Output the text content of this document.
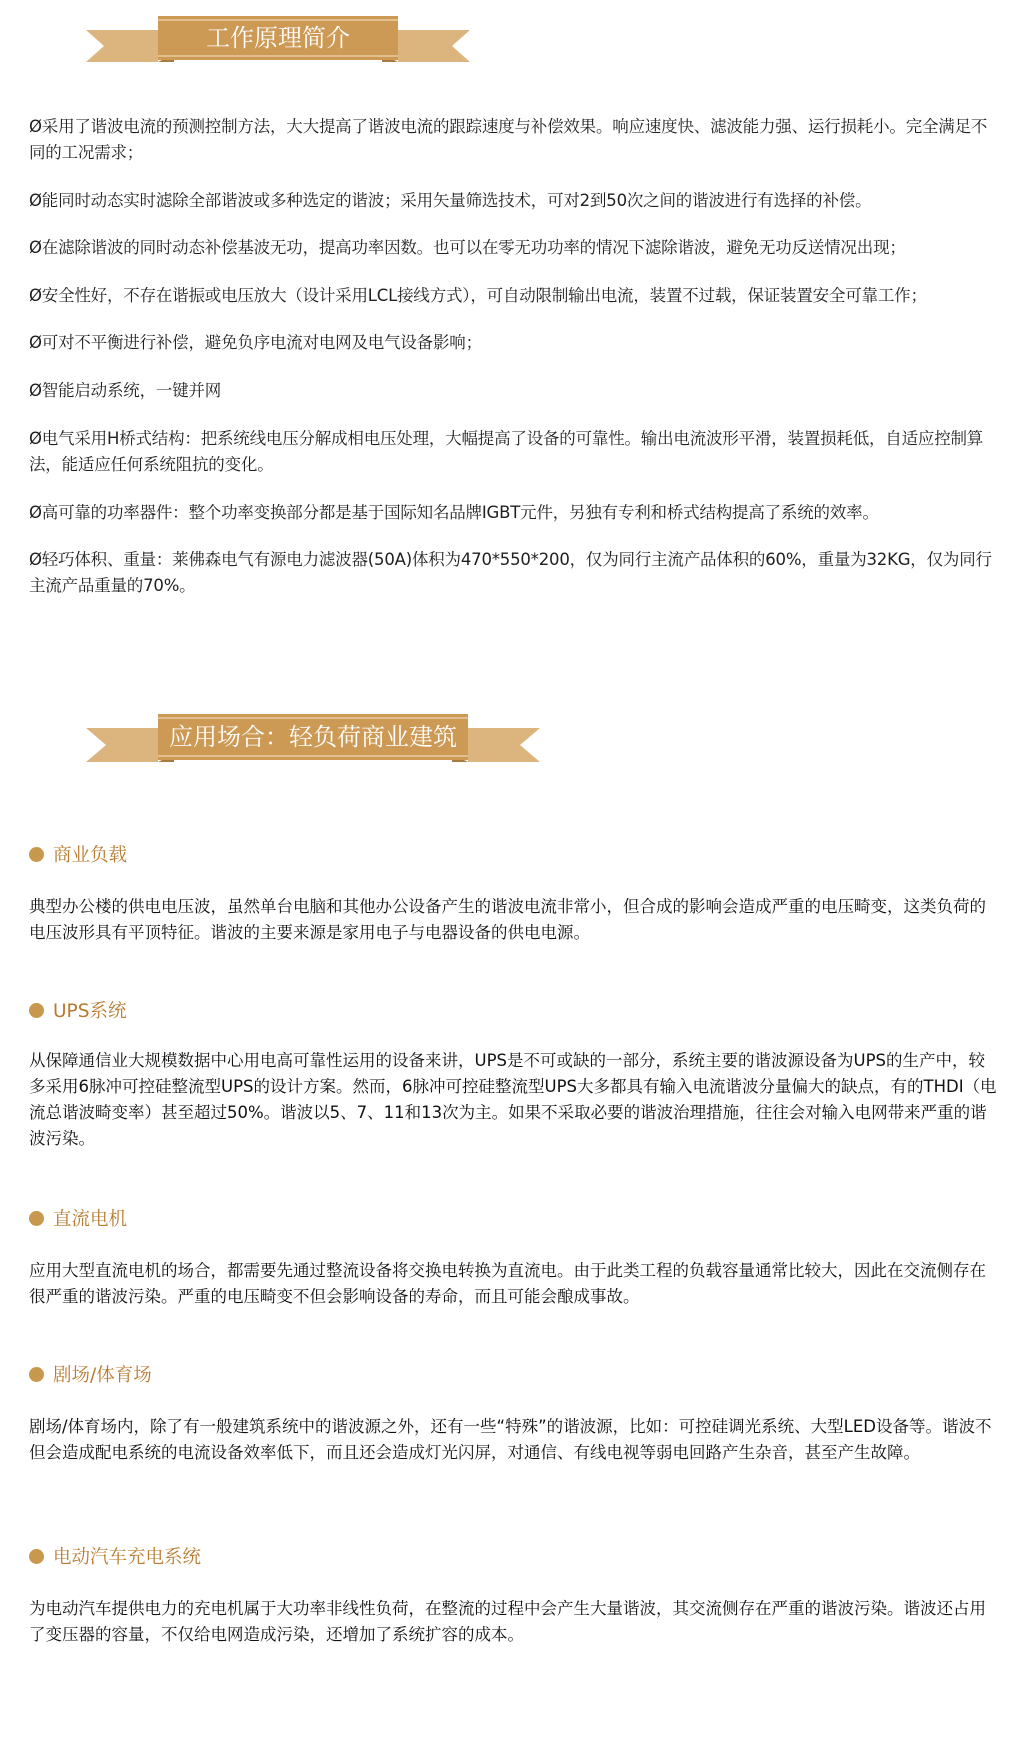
工作原理简介

Ø采用了谐波电流的预测控制方法，大大提高了谐波电流的跟踪速度与补偿效果。响应速度快、滤波能力强、运行损耗小。完全满足不同的工况需求；

Ø能同时动态实时滤除全部谐波或多种选定的谐波；采用矢量筛选技术，可对2到50次之间的谐波进行有选择的补偿。

Ø在滤除谐波的同时动态补偿基波无功，提高功率因数。也可以在零无功功率的情况下滤除谐波，避免无功反送情况出现；

Ø安全性好，不存在谐振或电压放大（设计采用LCL接线方式），可自动限制输出电流，装置不过载，保证装置安全可靠工作；

Ø可对不平衡进行补偿，避免负序电流对电网及电气设备影响；

Ø智能启动系统，一键并网

Ø电气采用H桥式结构：把系统线电压分解成相电压处理，大幅提高了设备的可靠性。输出电流波形平滑，装置损耗低，自适应控制算法，能适应任何系统阻抗的变化。

Ø高可靠的功率器件：整个功率变换部分都是基于国际知名品牌IGBT元件，另独有专利和桥式结构提高了系统的效率。

Ø轻巧体积、重量：莱佛森电气有源电力滤波器(50A)体积为470*550*200，仅为同行主流产品体积的60%，重量为32KG，仅为同行主流产品重量的70%。

应用场合：轻负荷商业建筑
商业负载

典型办公楼的供电电压波，虽然单台电脑和其他办公设备产生的谐波电流非常小，但合成的影响会造成严重的电压畸变，这类负荷的电压波形具有平顶特征。谐波的主要来源是家用电子与电器设备的供电电源。

UPS系统

从保障通信业大规模数据中心用电高可靠性运用的设备来讲，UPS是不可或缺的一部分，系统主要的谐波源设备为UPS的生产中，较多采用6脉冲可控硅整流型UPS的设计方案。然而，6脉冲可控硅整流型UPS大多都具有输入电流谐波分量偏大的缺点，有的THDI（电流总谐波畸变率）甚至超过50%。谐波以5、7、11和13次为主。如果不采取必要的谐波治理措施，往往会对输入电网带来严重的谐波污染。

直流电机

应用大型直流电机的场合，都需要先通过整流设备将交换电转换为直流电。由于此类工程的负载容量通常比较大，因此在交流侧存在很严重的谐波污染。严重的电压畸变不但会影响设备的寿命，而且可能会酿成事故。

剧场/体育场

剧场/体育场内，除了有一般建筑系统中的谐波源之外，还有一些“特殊”的谐波源，比如：可控硅调光系统、大型LED设备等。谐波不但会造成配电系统的电流设备效率低下，而且还会造成灯光闪屏，对通信、有线电视等弱电回路产生杂音，甚至产生故障。

电动汽车充电系统

为电动汽车提供电力的充电机属于大功率非线性负荷，在整流的过程中会产生大量谐波，其交流侧存在严重的谐波污染。谐波还占用了变压器的容量，不仅给电网造成污染，还增加了系统扩容的成本。
